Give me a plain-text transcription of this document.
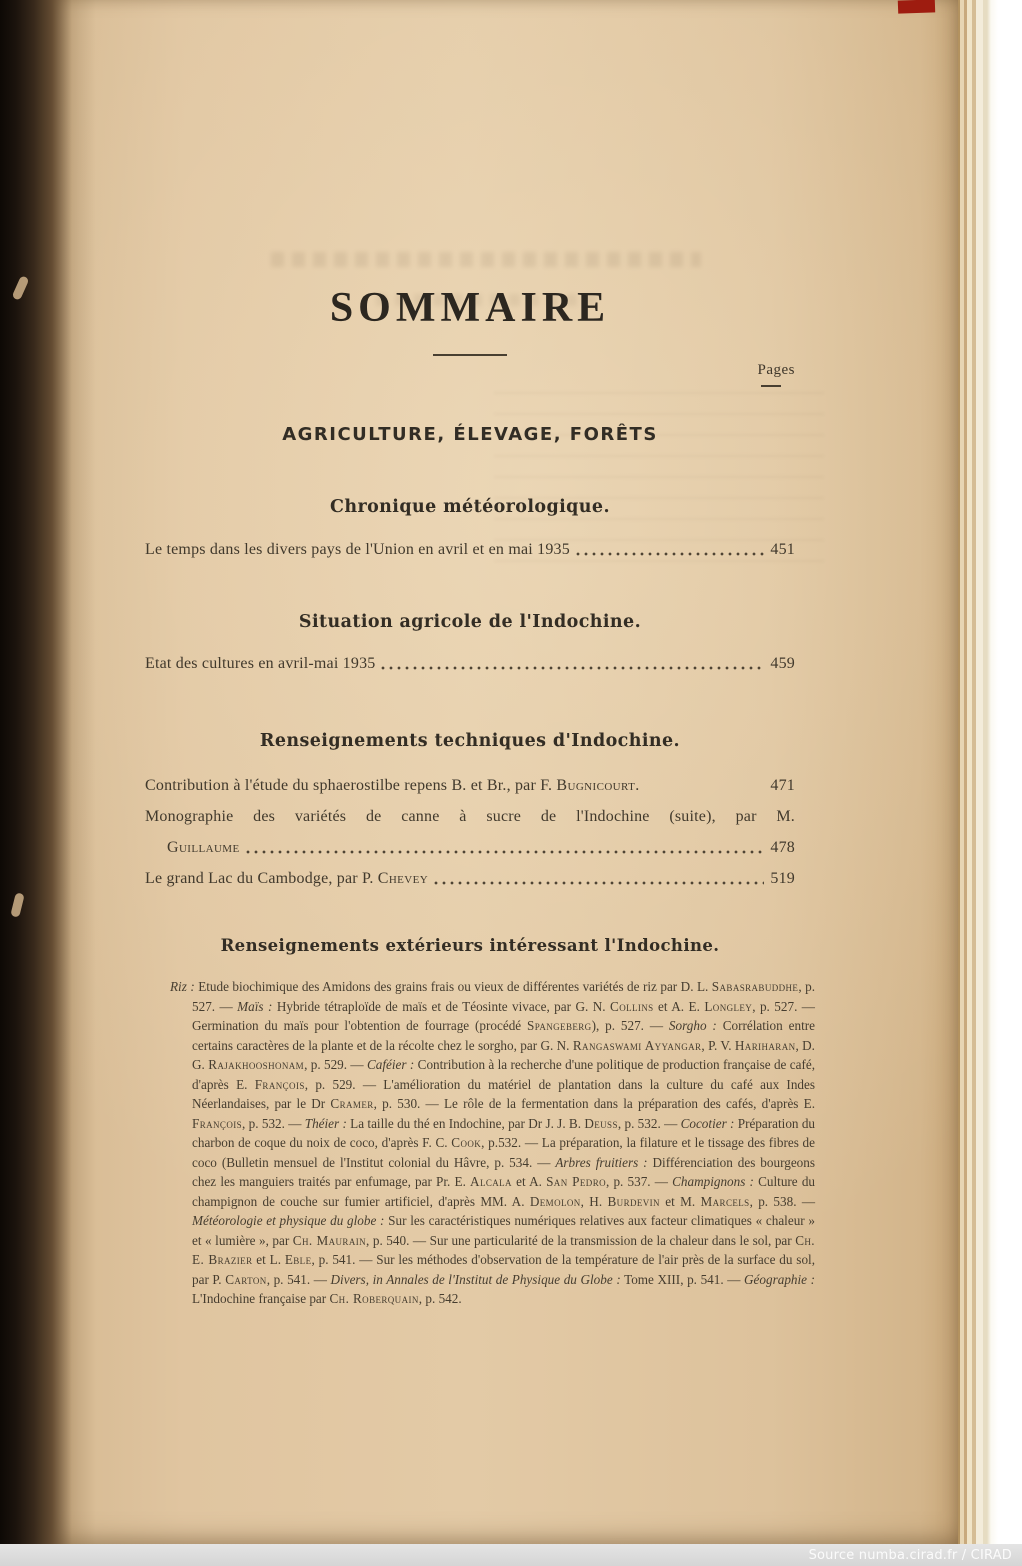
SOMMAIRE
Pages
AGRICULTURE, ÉLEVAGE, FORÊTS
Chronique météorologique.
Le temps dans les divers pays de l'Union en avril et en mai 1935	451
Situation agricole de l'Indochine.
Etat des cultures en avril-mai 1935	459
Renseignements techniques d'Indochine.
Contribution à l'étude du sphaerostilbe repens B. et Br., par F. Bugnicourt.	471
Monographie des variétés de canne à sucre de l'Indochine (suite), par M.
Guillaume	478
Le grand Lac du Cambodge, par P. Chevey	519
Renseignements extérieurs intéressant l'Indochine.
Riz : Etude biochimique des Amidons des grains frais ou vieux de différentes variétés de riz par D. L. Sabasrabuddhe, p. 527. — Maïs : Hybride tétraploïde de maïs et de Téosinte vivace, par G. N. Collins et A. E. Longley, p. 527. — Germination du maïs pour l'obtention de fourrage (procédé Spangeberg), p. 527. — Sorgho : Corrélation entre certains caractères de la plante et de la récolte chez le sorgho, par G. N. Rangaswami Ayyangar, P. V. Hariharan, D. G. Rajakhooshonam, p. 529. — Caféier : Contribution à la recherche d'une politique de production française de café, d'après E. François, p. 529. — L'amélioration du matériel de plantation dans la culture du café aux Indes Néerlandaises, par le Dr Cramer, p. 530. — Le rôle de la fermentation dans la préparation des cafés, d'après E. François, p. 532. — Théier : La taille du thé en Indochine, par Dr J. J. B. Deuss, p. 532. — Cocotier : Préparation du charbon de coque du noix de coco, d'après F. C. Cook, p.532. — La préparation, la filature et le tissage des fibres de coco (Bulletin mensuel de l'Institut colonial du Hâvre, p. 534. — Arbres fruitiers : Différenciation des bourgeons chez les manguiers traités par enfumage, par Pr. E. Alcala et A. San Pedro, p. 537. — Champignons : Culture du champignon de couche sur fumier artificiel, d'après MM. A. Demolon, H. Burdevin et M. Marcels, p. 538. — Météorologie et physique du globe : Sur les caractéristiques numériques relatives aux facteur climatiques « chaleur » et « lumière », par Ch. Maurain, p. 540. — Sur une particularité de la transmission de la chaleur dans le sol, par Ch. E. Brazier et L. Eble, p. 541. — Sur les méthodes d'observation de la température de l'air près de la surface du sol, par P. Carton, p. 541. — Divers, in Annales de l'Institut de Physique du Globe : Tome XIII, p. 541. — Géographie : L'Indochine française par Ch. Roberquain, p. 542.
Source numba.cirad.fr / CIRAD
